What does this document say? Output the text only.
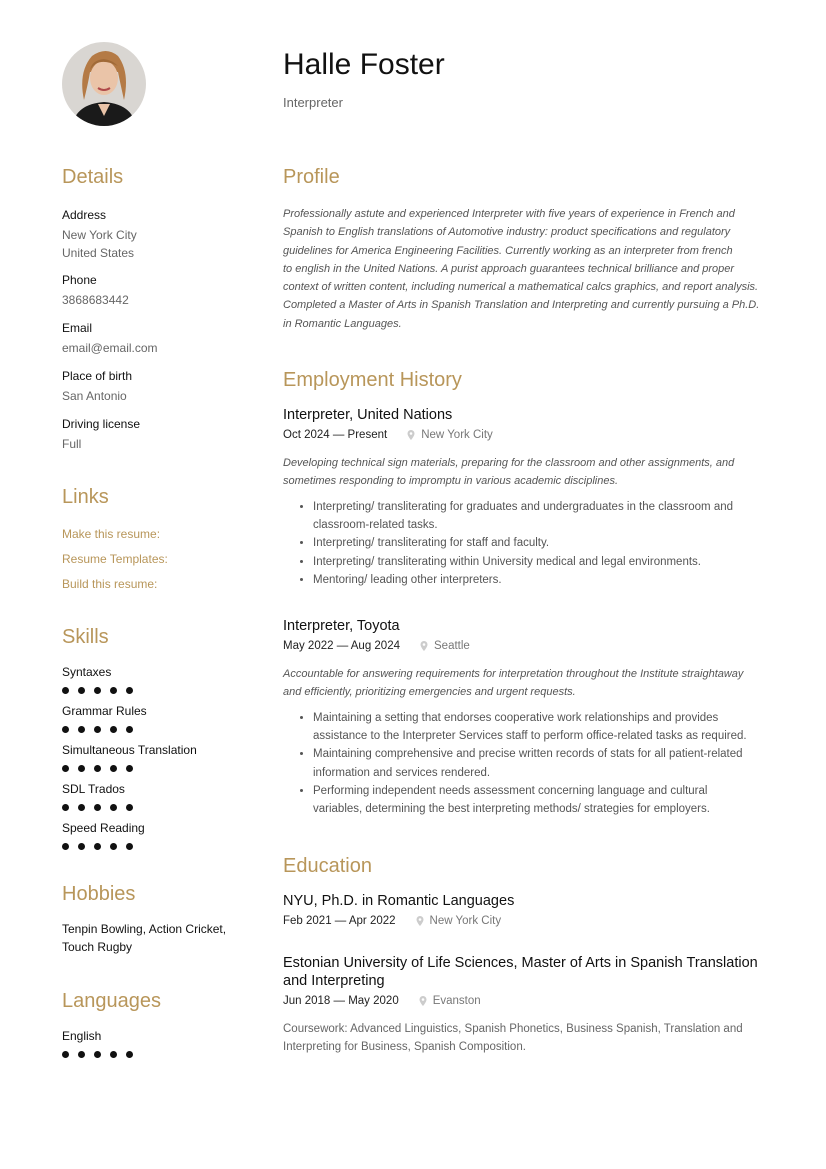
Halle Foster
Interpreter
Details
Address
New York City
United States
Phone
3868683442
Email
email@email.com
Place of birth
San Antonio
Driving license
Full
Links
Make this resume:
Resume Templates:
Build this resume:
Skills
Syntaxes
Grammar Rules
Simultaneous Translation
SDL Trados
Speed Reading
Hobbies
Tenpin Bowling, Action Cricket,
Touch Rugby
Languages
English
Profile

Professionally astute and experienced Interpreter with five years of experience in French and

Spanish to English translations of Automotive industry: product specifications and regulatory

guidelines for America Engineering Facilities. Currently working as an interpreter from french

to english in the United Nations. A purist approach guarantees technical brilliance and proper

context of written content, including numerical a mathematical calcs graphics, and report analysis.

Completed a Master of Arts in Spanish Translation and Interpreting and currently pursuing a Ph.D.

in Romantic Languages.

Employment History
Interpreter, United Nations
Oct 2024 — Present	New York City

Developing technical sign materials, preparing for the classroom and other assignments, and

sometimes responding to impromptu in various academic disciplines.

• Interpreting/ transliterating for graduates and undergraduates in the classroom and
classroom-related tasks.
• Interpreting/ transliterating for staff and faculty.
• Interpreting/ transliterating within University medical and legal environments.
• Mentoring/ leading other interpreters.
Interpreter, Toyota
May 2022 — Aug 2024	Seattle

Accountable for answering requirements for interpretation throughout the Institute straightaway

and efficiently, prioritizing emergencies and urgent requests.

• Maintaining a setting that endorses cooperative work relationships and provides
assistance to the Interpreter Services staff to perform office-related tasks as required.
• Maintaining comprehensive and precise written records of stats for all patient-related
information and services rendered.
• Performing independent needs assessment concerning language and cultural
variables, determining the best interpreting methods/ strategies for employers.
Education
NYU, Ph.D. in Romantic Languages
Feb 2021 — Apr 2022	New York City
Estonian University of Life Sciences, Master of Arts in Spanish Translation
and Interpreting
Jun 2018 — May 2020	Evanston
Coursework: Advanced Linguistics, Spanish Phonetics, Business Spanish, Translation and
Interpreting for Business, Spanish Composition.
